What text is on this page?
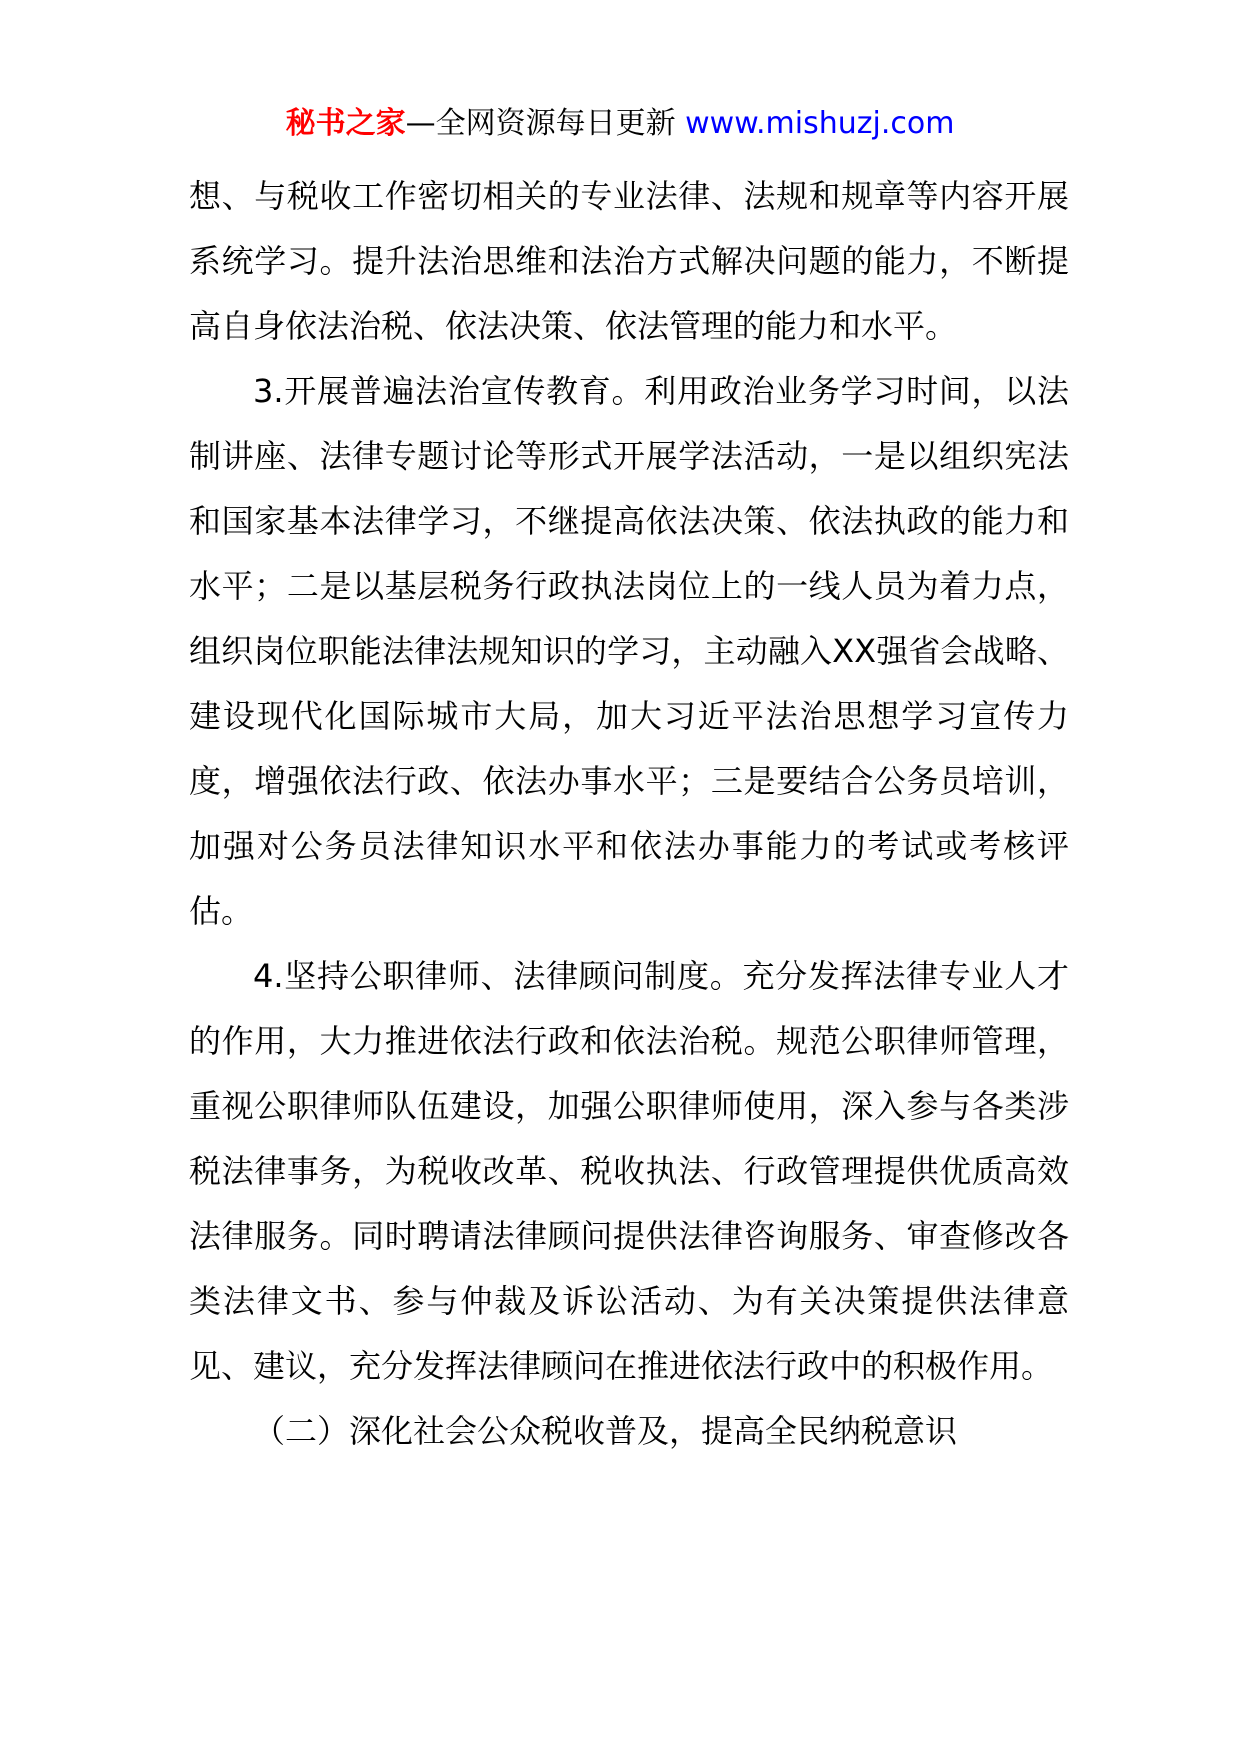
秘书之家—全网资源每日更新 www.mishuzj.com

想、与税收工作密切相关的专业法律、法规和规章等内容开展系统学习。提升法治思维和法治方式解决问题的能力，不断提高自身依法治税、依法决策、依法管理的能力和水平。

3.开展普遍法治宣传教育。利用政治业务学习时间，以法制讲座、法律专题讨论等形式开展学法活动，一是以组织宪法和国家基本法律学习，不继提高依法决策、依法执政的能力和水平；二是以基层税务行政执法岗位上的一线人员为着力点，组织岗位职能法律法规知识的学习，主动融入XX强省会战略、建设现代化国际城市大局，加大习近平法治思想学习宣传力度，增强依法行政、依法办事水平；三是要结合公务员培训，加强对公务员法律知识水平和依法办事能力的考试或考核评估。

4.坚持公职律师、法律顾问制度。充分发挥法律专业人才的作用，大力推进依法行政和依法治税。规范公职律师管理，重视公职律师队伍建设，加强公职律师使用，深入参与各类涉税法律事务，为税收改革、税收执法、行政管理提供优质高效法律服务。同时聘请法律顾问提供法律咨询服务、审查修改各类法律文书、参与仲裁及诉讼活动、为有关决策提供法律意见、建议，充分发挥法律顾问在推进依法行政中的积极作用。

（二）深化社会公众税收普及，提高全民纳税意识
